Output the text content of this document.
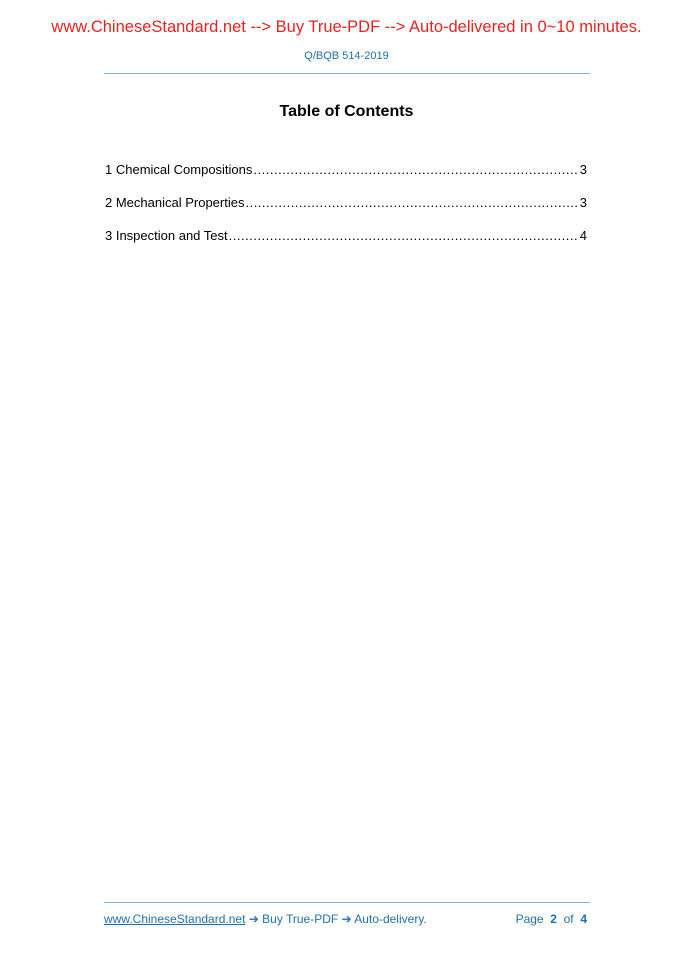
www.ChineseStandard.net --> Buy True-PDF --> Auto-delivered in 0~10 minutes.
Q/BQB 514-2019
Table of Contents
1 Chemical Compositions .....	3
2 Mechanical Properties .....	3
3 Inspection and Test .....	4
www.ChineseStandard.net ➔ Buy True-PDF ➔ Auto-delivery.	Page 2 of 4
